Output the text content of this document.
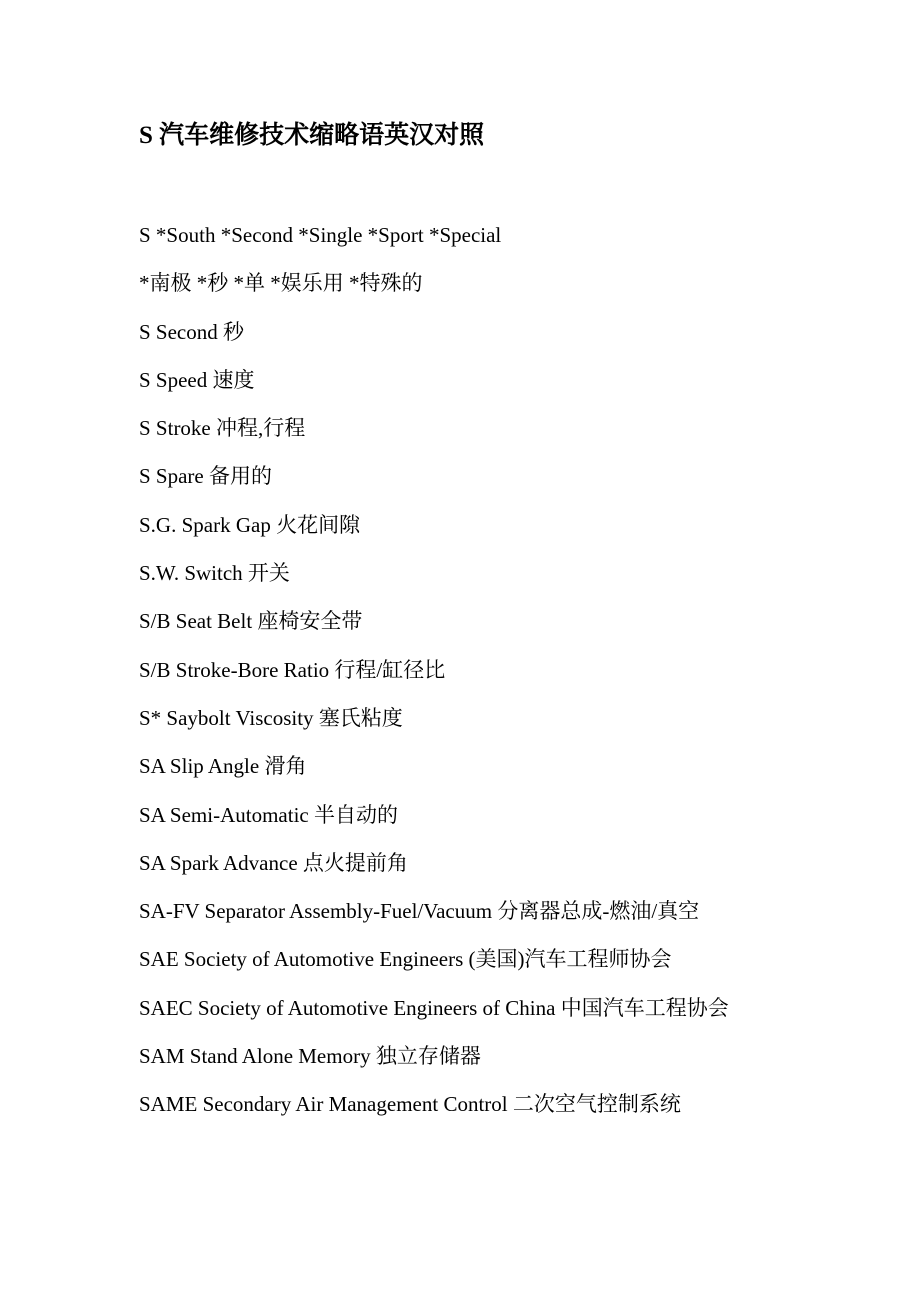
S 汽车维修技术缩略语英汉对照
S *South *Second *Single *Sport *Special
*南极 *秒 *单 *娱乐用 *特殊的
S Second 秒
S Speed 速度
S Stroke 冲程,行程
S Spare 备用的
S.G. Spark Gap 火花间隙
S.W. Switch 开关
S/B Seat Belt 座椅安全带
S/B Stroke-Bore Ratio 行程/缸径比
S* Saybolt Viscosity 塞氏粘度
SA Slip Angle 滑角
SA Semi-Automatic 半自动的
SA Spark Advance 点火提前角
SA-FV Separator Assembly-Fuel/Vacuum 分离器总成-燃油/真空
SAE Society of Automotive Engineers (美国)汽车工程师协会
SAEC Society of Automotive Engineers of China 中国汽车工程协会
SAM Stand Alone Memory 独立存储器
SAME Secondary Air Management Control 二次空气控制系统
